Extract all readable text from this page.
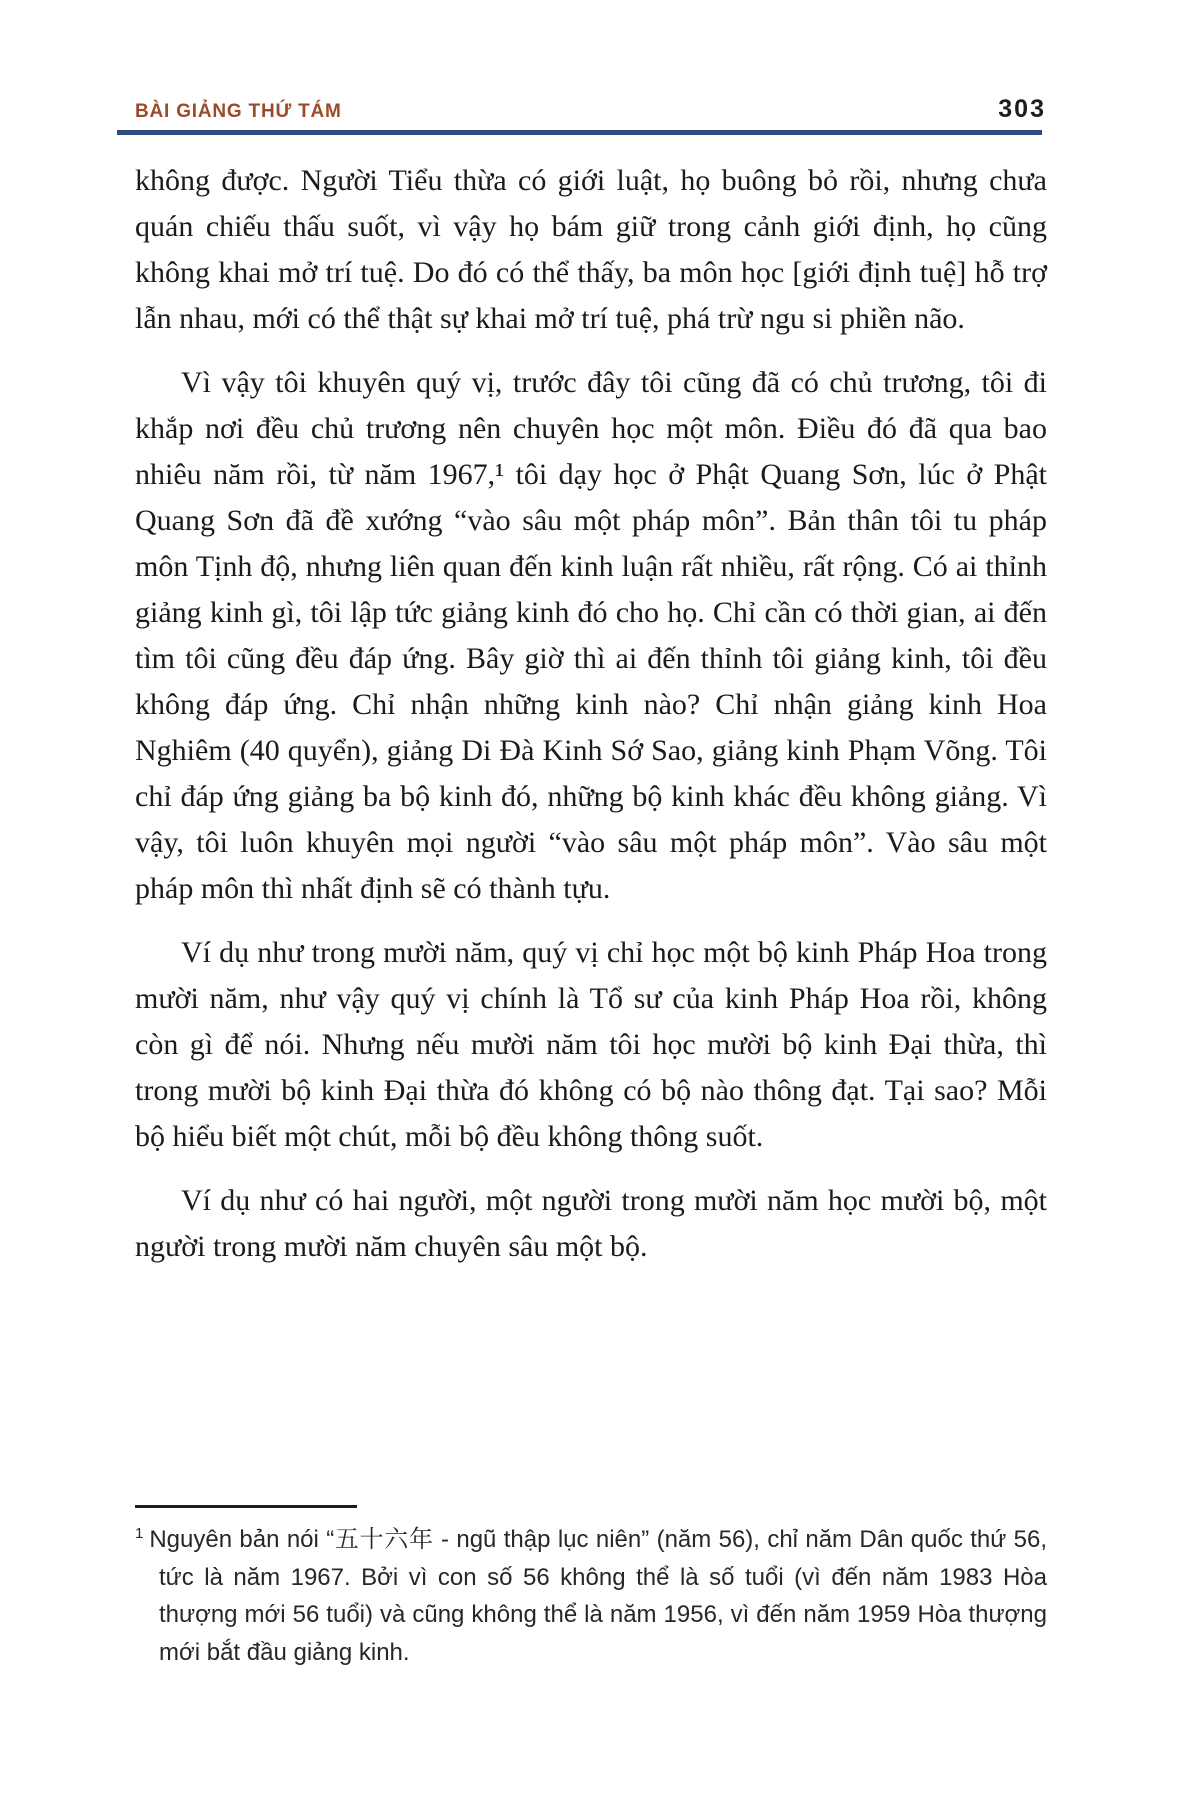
BÀI GIẢNG THỨ TÁM	303

không được. Người Tiểu thừa có giới luật, họ buông bỏ rồi, nhưng chưa quán chiếu thấu suốt, vì vậy họ bám giữ trong cảnh giới định, họ cũng không khai mở trí tuệ. Do đó có thể thấy, ba môn học [giới định tuệ] hỗ trợ lẫn nhau, mới có thể thật sự khai mở trí tuệ, phá trừ ngu si phiền não.

Vì vậy tôi khuyên quý vị, trước đây tôi cũng đã có chủ trương, tôi đi khắp nơi đều chủ trương nên chuyên học một môn. Điều đó đã qua bao nhiêu năm rồi, từ năm 1967,¹ tôi dạy học ở Phật Quang Sơn, lúc ở Phật Quang Sơn đã đề xướng “vào sâu một pháp môn”. Bản thân tôi tu pháp môn Tịnh độ, nhưng liên quan đến kinh luận rất nhiều, rất rộng. Có ai thỉnh giảng kinh gì, tôi lập tức giảng kinh đó cho họ. Chỉ cần có thời gian, ai đến tìm tôi cũng đều đáp ứng. Bây giờ thì ai đến thỉnh tôi giảng kinh, tôi đều không đáp ứng. Chỉ nhận những kinh nào? Chỉ nhận giảng kinh Hoa Nghiêm (40 quyển), giảng Di Đà Kinh Sớ Sao, giảng kinh Phạm Võng. Tôi chỉ đáp ứng giảng ba bộ kinh đó, những bộ kinh khác đều không giảng. Vì vậy, tôi luôn khuyên mọi người “vào sâu một pháp môn”. Vào sâu một pháp môn thì nhất định sẽ có thành tựu.

Ví dụ như trong mười năm, quý vị chỉ học một bộ kinh Pháp Hoa trong mười năm, như vậy quý vị chính là Tổ sư của kinh Pháp Hoa rồi, không còn gì để nói. Nhưng nếu mười năm tôi học mười bộ kinh Đại thừa, thì trong mười bộ kinh Đại thừa đó không có bộ nào thông đạt. Tại sao? Mỗi bộ hiểu biết một chút, mỗi bộ đều không thông suốt.

Ví dụ như có hai người, một người trong mười năm học mười bộ, một người trong mười năm chuyên sâu một bộ.

$^1$ Nguyên bản nói “五十六年 - ngũ thập lục niên” (năm 56), chỉ năm Dân quốc thứ 56, tức là năm 1967. Bởi vì con số 56 không thể là số tuổi (vì đến năm 1983 Hòa thượng mới 56 tuổi) và cũng không thể là năm 1956, vì đến năm 1959 Hòa thượng mới bắt đầu giảng kinh.
